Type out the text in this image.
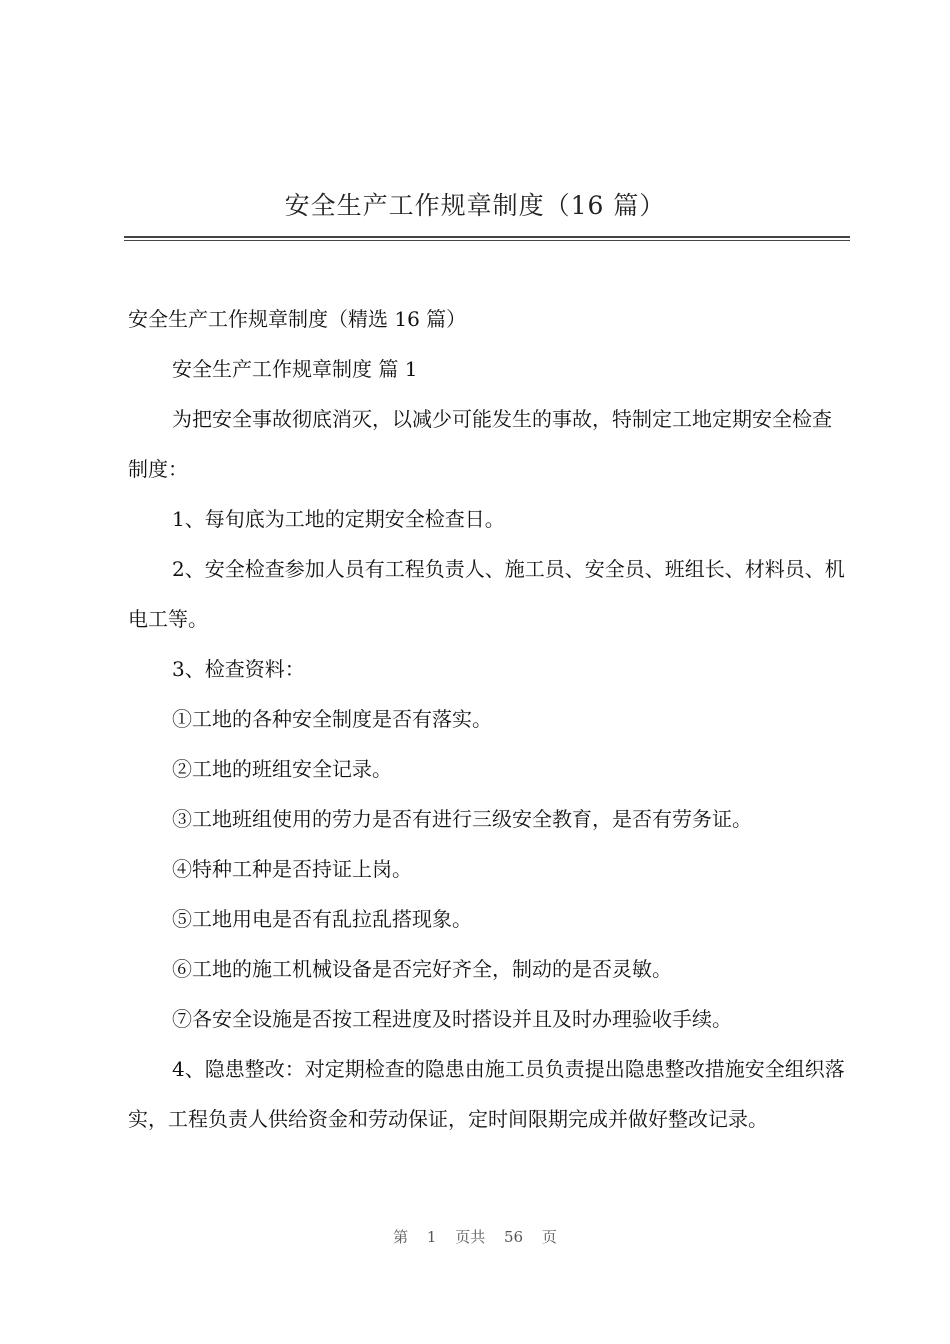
安全生产工作规章制度（16 篇）

安全生产工作规章制度（精选 16 篇）

安全生产工作规章制度 篇 1

为把安全事故彻底消灭，以减少可能发生的事故，特制定工地定期安全检查制度：

1、每旬底为工地的定期安全检查日。

2、安全检查参加人员有工程负责人、施工员、安全员、班组长、材料员、机电工等。

3、检查资料：

①工地的各种安全制度是否有落实。

②工地的班组安全记录。

③工地班组使用的劳力是否有进行三级安全教育，是否有劳务证。

④特种工种是否持证上岗。

⑤工地用电是否有乱拉乱搭现象。

⑥工地的施工机械设备是否完好齐全，制动的是否灵敏。

⑦各安全设施是否按工程进度及时搭设并且及时办理验收手续。

4、隐患整改：对定期检查的隐患由施工员负责提出隐患整改措施安全组织落实，工程负责人供给资金和劳动保证，定时间限期完成并做好整改记录。

第 1 页共 56 页
